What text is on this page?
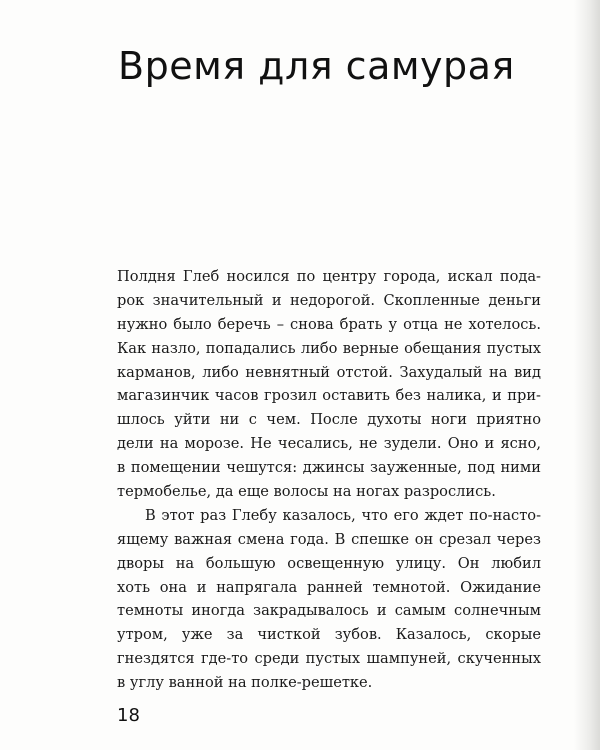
Время для самурая
Полдня Глеб носился по центру города, искал пода-
рок значительный и недорогой. Скопленные деньги
нужно было беречь – снова брать у отца не хотелось.
Как назло, попадались либо верные обещания пустых
карманов, либо невнятный отстой. Захудалый на вид
магазинчик часов грозил оставить без налика, и при-
шлось уйти ни с чем. После духоты ноги приятно
дели на морозе. Не чесались, не зудели. Оно и ясно,
в помещении чешутся: джинсы зауженные, под ними
термобелье, да еще волосы на ногах разрослись.
В этот раз Глебу казалось, что его ждет по-насто-
ящему важная смена года. В спешке он срезал через
дворы на большую освещенную улицу. Он любил
хоть она и напрягала ранней темнотой. Ожидание
темноты иногда закрадывалось и самым солнечным
утром, уже за чисткой зубов. Казалось, скорые
гнездятся где-то среди пустых шампуней, скученных
в углу ванной на полке-решетке.
18
